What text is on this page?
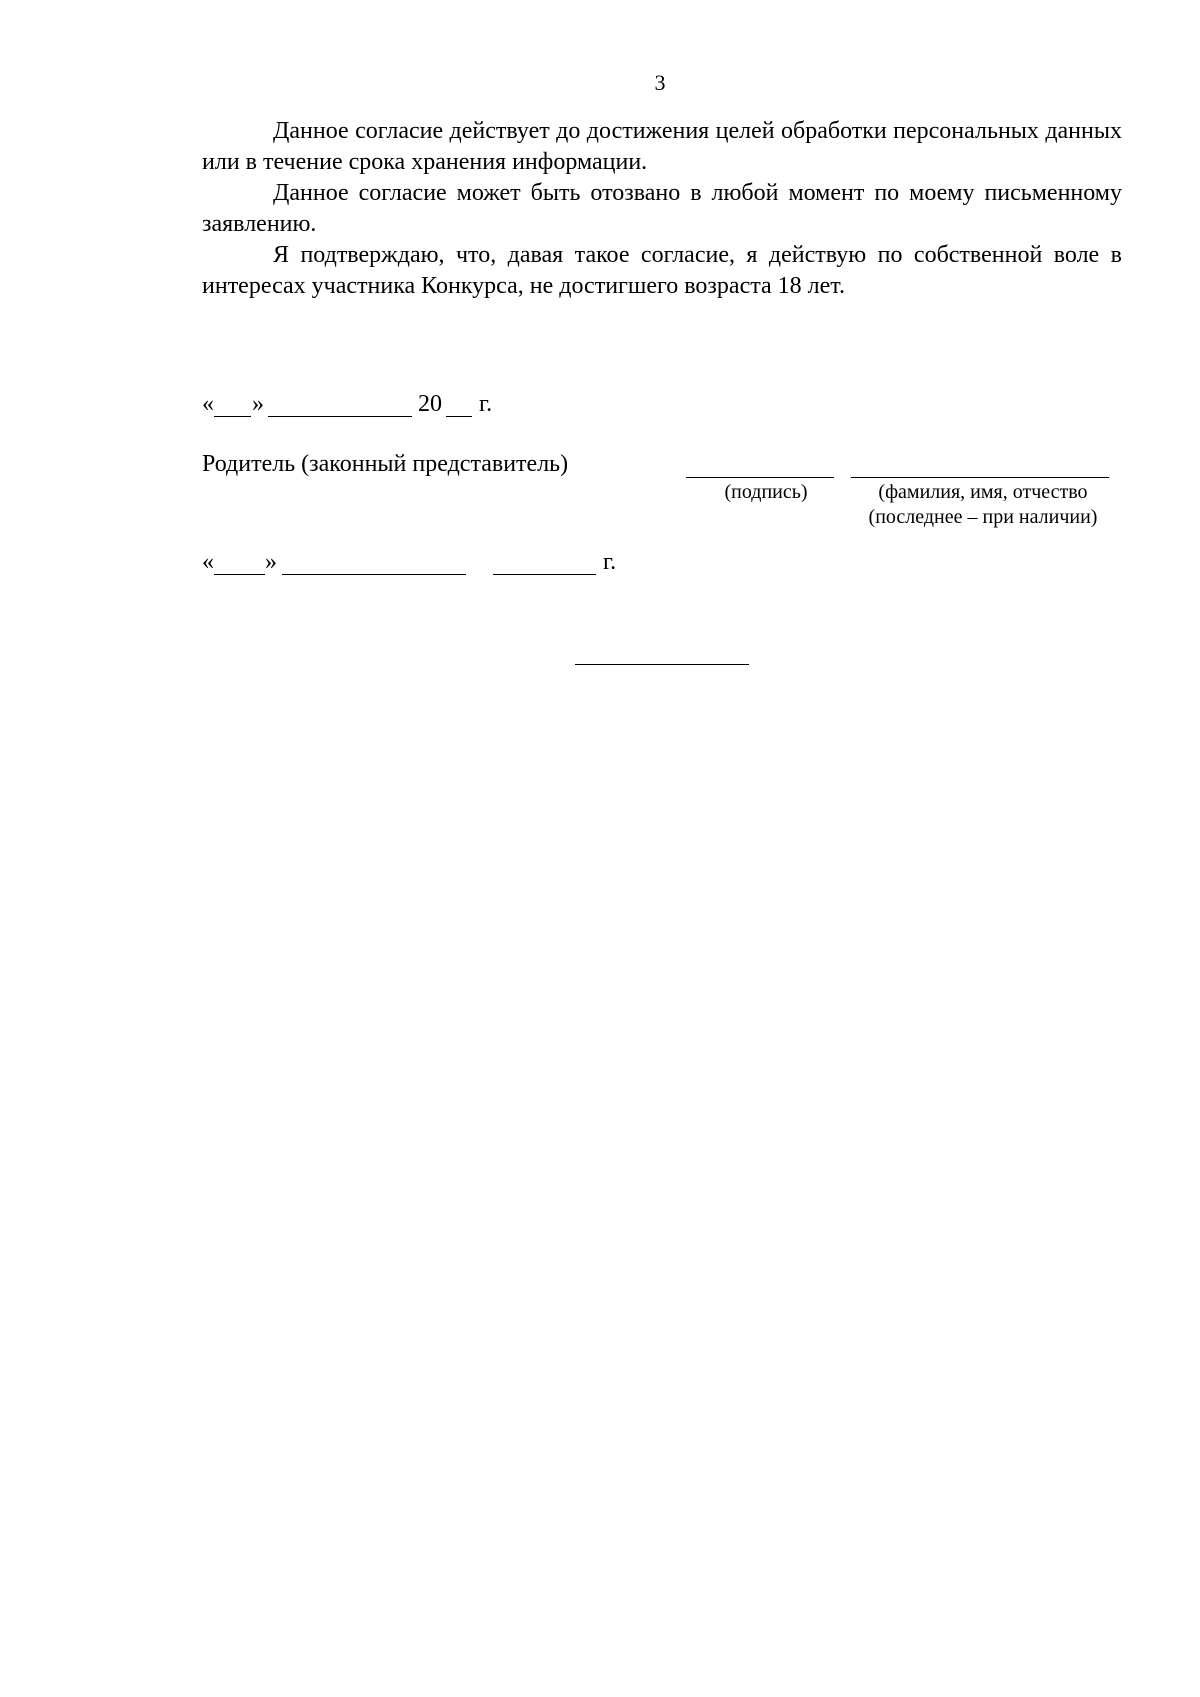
3

Данное согласие действует до достижения целей обработки персональных данных или в течение срока хранения информации.

Данное согласие может быть отозвано в любой момент по моему письменному заявлению.

Я подтверждаю, что, давая такое согласие, я действую по собственной воле в интересах участника Конкурса, не достигшего возраста 18 лет.

« »	20 г.
Родитель (законный представитель)
(подпись)	(фамилия, имя, отчество
(последнее – при наличии)
« »	г.
